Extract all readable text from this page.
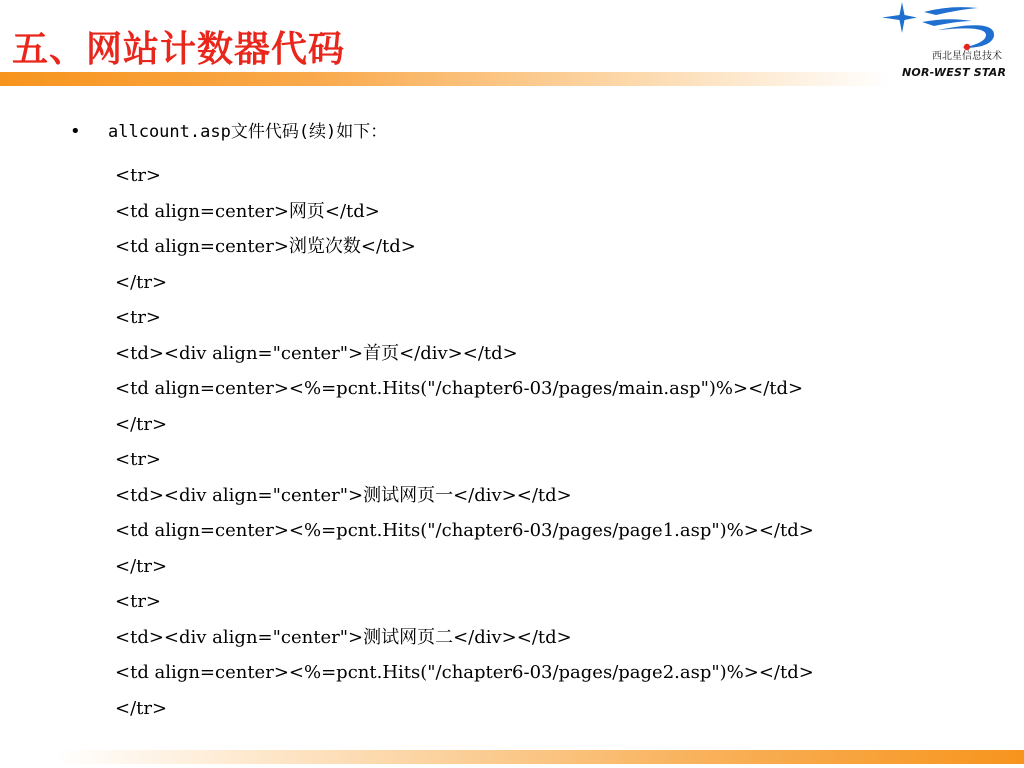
五、网站计数器代码	西北星信息技术
NOR-WEST STAR
• allcount.asp文件代码(续)如下：
<tr>
<td align=center>网页</td>
<td align=center>浏览次数</td>
</tr>
<tr>
<td><div align="center">首页</div></td>
<td align=center><%=pcnt.Hits("/chapter6-03/pages/main.asp")%></td>
</tr>
<tr>
<td><div align="center">测试网页一</div></td>
<td align=center><%=pcnt.Hits("/chapter6-03/pages/page1.asp")%></td>
</tr>
<tr>
<td><div align="center">测试网页二</div></td>
<td align=center><%=pcnt.Hits("/chapter6-03/pages/page2.asp")%></td>
</tr>
